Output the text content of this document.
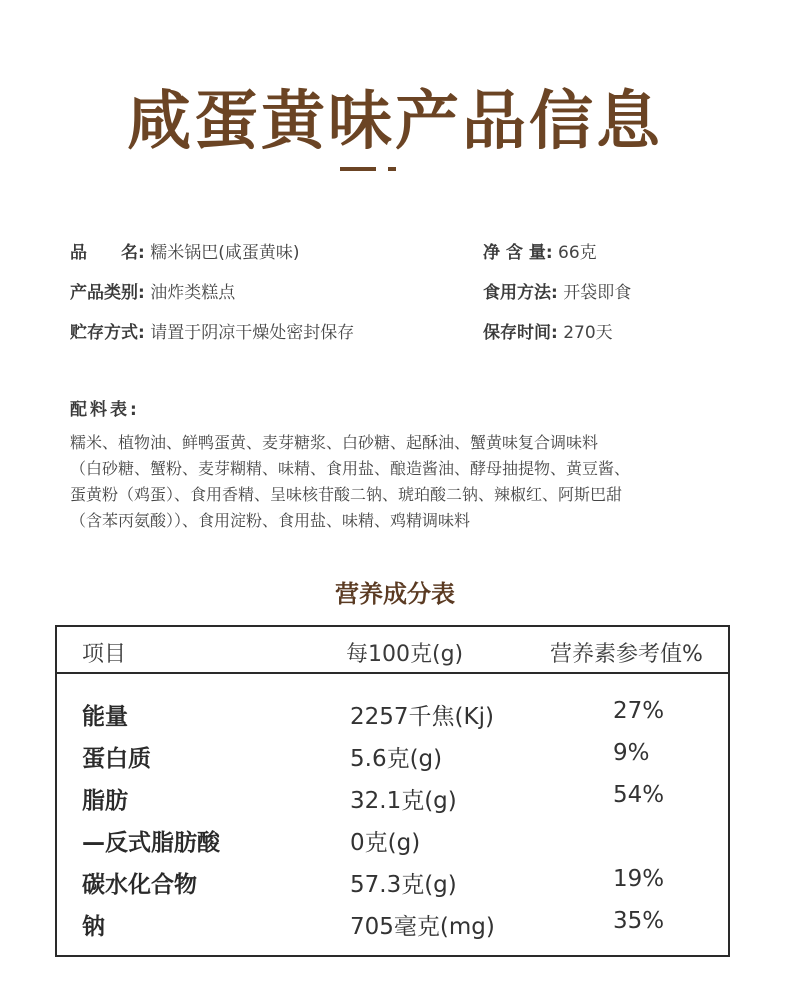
咸蛋黄味产品信息
品　　名: 糯米锅巴(咸蛋黄味)
产品类别: 油炸类糕点
贮存方式: 请置于阴凉干燥处密封保存
净 含 量: 66克
食用方法: 开袋即食
保存时间: 270天
配料表:
糯米、植物油、鲜鸭蛋黄、麦芽糖浆、白砂糖、起酥油、蟹黄味复合调味料
（白砂糖、蟹粉、麦芽糊精、味精、食用盐、酿造酱油、酵母抽提物、黄豆酱、
蛋黄粉（鸡蛋）、食用香精、呈味核苷酸二钠、琥珀酸二钠、辣椒红、阿斯巴甜
（含苯丙氨酸））、食用淀粉、食用盐、味精、鸡精调味料
营养成分表
项目	每100克(g)	营养素参考值%
能量	2257千焦(Kj)	27%
蛋白质	5.6克(g)	9%
脂肪	32.1克(g)	54%
—反式脂肪酸	0克(g)
碳水化合物	57.3克(g)	19%
钠	705毫克(mg)	35%
